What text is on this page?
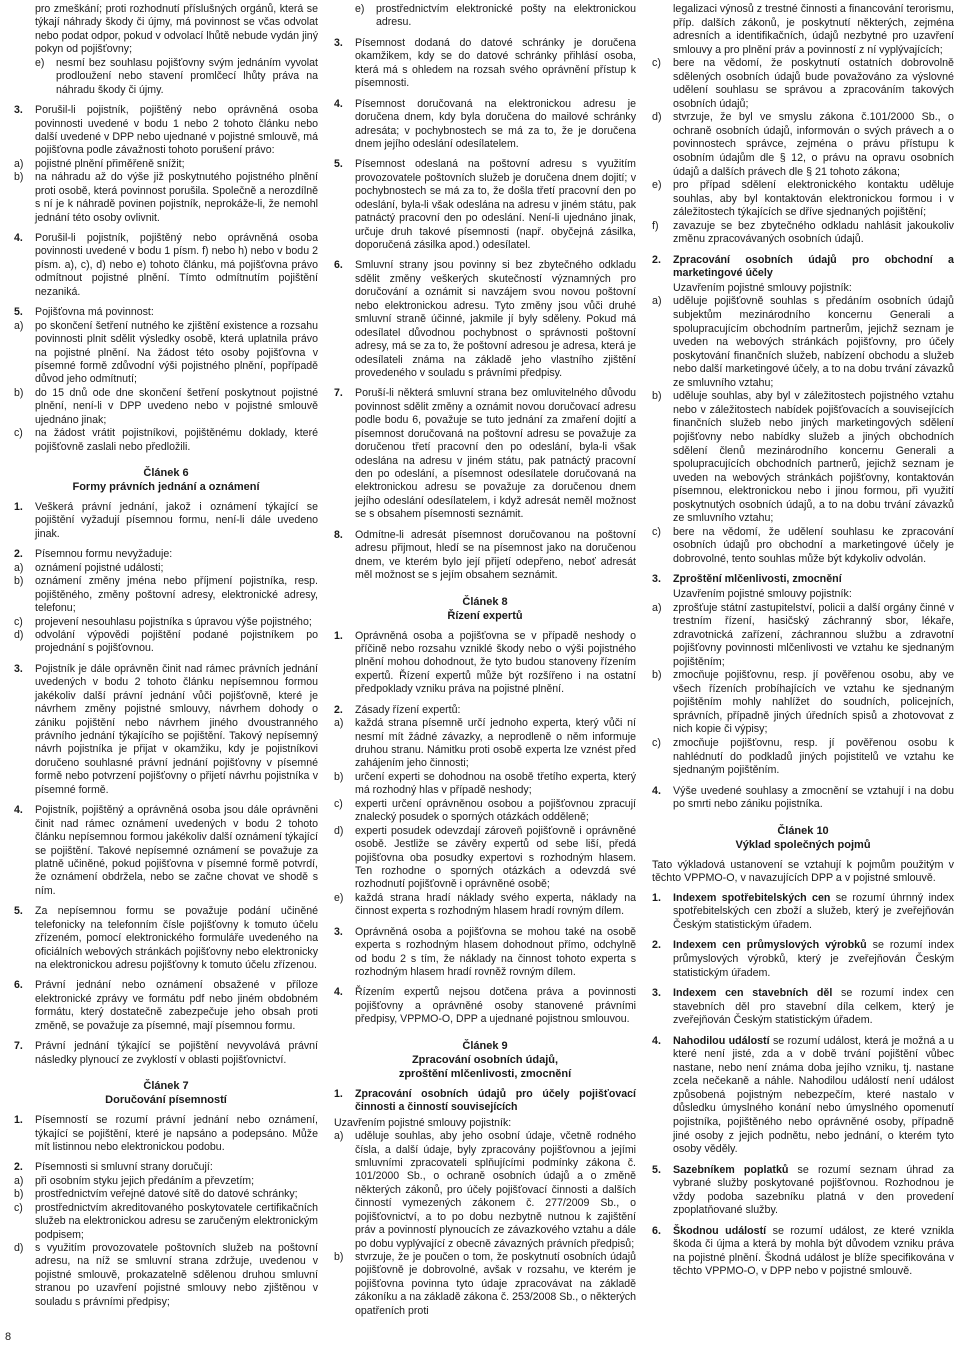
pro zmeškání; proti rozhodnutí příslušných orgánů, která se týkají náhrady škody či újmy, má povinnost se včas odvolat nebo podat odpor, pokud v odvolací lhůtě nebude vydán jiný pokyn od pojišťovny;
e) nesmí bez souhlasu pojišťovny svým jednáním vyvolat prodloužení nebo stavení promlčecí lhůty práva na náhradu škody či újmy.
3. Porušil-li pojistník, pojištěný nebo oprávněná osoba povinnosti uvedené v bodu 1 nebo 2 tohoto článku nebo další uvedené v DPP nebo ujednané v pojistné smlouvě, má pojišťovna podle závažnosti tohoto porušení právo:
a) pojistné plnění přiměřeně snížit;
b) na náhradu až do výše již poskytnutého pojistného plnění proti osobě, která povinnost porušila. Společně a nerozdílně s ní je k náhradě povinen pojistník, neprokáže-li, že nemohl jednání této osoby ovlivnit.
4. Porušil-li pojistník, pojištěný nebo oprávněná osoba povinnosti uvedené v bodu 1 písm. f) nebo h) nebo v bodu 2 písm. a), c), d) nebo e) tohoto článku, má pojišťovna právo odmítnout pojistné plnění. Tímto odmítnutím pojištění nezaniká.
5. Pojišťovna má povinnost:
a) po skončení šetření nutného ke zjištění existence a rozsahu povinnosti plnit sdělit výsledky osobě, která uplatnila právo na pojistné plnění. Na žádost této osoby pojišťovna v písemné formě zdůvodní výši pojistného plnění, popřípadě důvod jeho odmítnutí;
b) do 15 dnů ode dne skončení šetření poskytnout pojistné plnění, není-li v DPP uvedeno nebo v pojistné smlouvě ujednáno jinak;
c) na žádost vrátit pojistníkovi, pojištěnému doklady, které pojišťovně zaslali nebo předložili.
Článek 6
Formy právních jednání a oznámení
1. Veškerá právní jednání, jakož i oznámení týkající se pojištění vyžadují písemnou formu, není-li dále uvedeno jinak.
2. Písemnou formu nevyžaduje:
a) oznámení pojistné události;
b) oznámení změny jména nebo příjmení pojistníka, resp. pojištěného, změny poštovní adresy, elektronické adresy, telefonu;
c) projevení nesouhlasu pojistníka s úpravou výše pojistného;
d) odvolání výpovědi pojištění podané pojistníkem po projednání s pojišťovnou.
3. Pojistník je dále oprávněn činit nad rámec právních jednání uvedených v bodu 2 tohoto článku nepísemnou formou jakékoliv další právní jednání vůči pojišťovně, které je návrhem změny pojistné smlouvy, návrhem dohody o zániku pojištění nebo návrhem jiného dvoustranného právního jednání týkajícího se pojištění. Takový nepísemný návrh pojistníka je přijat v okamžiku, kdy je pojistníkovi doručeno souhlasné právní jednání pojišťovny v písemné formě nebo potvrzení pojišťovny o přijetí návrhu pojistníka v písemné formě.
4. Pojistník, pojištěný a oprávněná osoba jsou dále oprávněni činit nad rámec oznámení uvedených v bodu 2 tohoto článku nepísemnou formou jakékoliv další oznámení týkající se pojištění. Takové nepísemné oznámení se považuje za platně učiněné, pokud pojišťovna v písemné formě potvrdí, že oznámení obdržela, nebo se začne chovat ve shodě s ním.
5. Za nepísemnou formu se považuje podání učiněné telefonicky na telefonním čísle pojišťovny k tomuto účelu zřízeném, pomocí elektronického formuláře uvedeného na oficiálních webových stránkách pojišťovny nebo elektronicky na elektronickou adresu pojišťovny k tomuto účelu zřízenou.
6. Právní jednání nebo oznámení obsažené v příloze elektronické zprávy ve formátu pdf nebo jiném obdobném formátu, který dostatečně zabezpečuje jeho obsah proti změně, se považuje za písemné, mají písemnou formu.
7. Právní jednání týkající se pojištění nevyvolává právní následky plynoucí ze zvyklostí v oblasti pojišťovnictví.
Článek 7
Doručování písemností
1. Písemností se rozumí právní jednání nebo oznámení, týkající se pojištění, které je napsáno a podepsáno. Může mít listinnou nebo elektronickou podobu.
2. Písemnosti si smluvní strany doručují:
a) při osobním styku jejich předáním a převzetím;
b) prostřednictvím veřejné datové sítě do datové schránky;
c) prostřednictvím akreditovaného poskytovatele certifikačních služeb na elektronickou adresu se zaručeným elektronickým podpisem;
d) s využitím provozovatele poštovních služeb na poštovní adresu, na níž se smluvní strana zdržuje, uvedenou v pojistné smlouvě, prokazatelně sdělenou druhou smluvní stranou po uzavření pojistné smlouvy nebo zjištěnou v souladu s právními předpisy;
e) prostřednictvím elektronické pošty na elektronickou adresu.
3. Písemnost dodaná do datové schránky je doručena okamžikem, kdy se do datové schránky přihlásí osoba, která má s ohledem na rozsah svého oprávnění přístup k písemnosti.
4. Písemnost doručovaná na elektronickou adresu je doručena dnem, kdy byla doručena do mailové schránky adresáta; v pochybnostech se má za to, že je doručena dnem jejího odeslání odesílatelem.
5. Písemnost odeslaná na poštovní adresu s využitím provozovatele poštovních služeb je doručena dnem dojití; v pochybnostech se má za to, že došla třetí pracovní den po odeslání, byla-li však odeslána na adresu v jiném státu, pak patnáctý pracovní den po odeslání. Není-li ujednáno jinak, určuje druh takové písemnosti (např. obyčejná zásilka, doporučená zásilka apod.) odesílatel.
6. Smluvní strany jsou povinny si bez zbytečného odkladu sdělit změny veškerých skutečností významných pro doručování a oznámit si navzájem svou novou poštovní nebo elektronickou adresu. Tyto změny jsou vůči druhé smluvní straně účinné, jakmile jí byly sděleny. Pokud má odesílatel důvodnou pochybnost o správnosti poštovní adresy, má se za to, že poštovní adresou je adresa, která je odesílateli známa na základě jeho vlastního zjištění provedeného v souladu s právními předpisy.
7. Poruší-li některá smluvní strana bez omluvitelného důvodu povinnost sdělit změny a oznámit novou doručovací adresu podle bodu 6, považuje se tuto jednání za zmaření dojití a písemnost doručovaná na poštovní adresu se považuje za doručenou třetí pracovní den po odeslání, byla-li však odeslána na adresu v jiném státu, pak patnáctý pracovní den po odeslání, a písemnost odesílatele doručovaná na elektronickou adresu se považuje za doručenou dnem jejího odeslání odesílatelem, i když adresát neměl možnost se s obsahem písemnosti seznámit.
8. Odmítne-li adresát písemnost doručovanou na poštovní adresu přijmout, hledí se na písemnost jako na doručenou dnem, ve kterém bylo její přijetí odepřeno, neboť adresát měl možnost se s jejím obsahem seznámit.
Článek 8
Řízení expertů
1. Oprávněná osoba a pojišťovna se v případě neshody o příčině nebo rozsahu vzniklé škody nebo o výši pojistného plnění mohou dohodnout, že tyto budou stanoveny řízením expertů. Řízení expertů může být rozšířeno i na ostatní předpoklady vzniku práva na pojistné plnění.
2. Zásady řízení expertů:
a) každá strana písemně určí jednoho experta, který vůči ní nesmí mít žádné závazky, a neprodleně o něm informuje druhou stranu. Námitku proti osobě experta lze vznést před zahájením jeho činnosti;
b) určení experti se dohodnou na osobě třetího experta, který má rozhodný hlas v případě neshody;
c) experti určení oprávněnou osobou a pojišťovnou zpracují znalecký posudek o sporných otázkách odděleně;
d) experti posudek odevzdají zároveň pojišťovně i oprávněné osobě. Jestliže se závěry expertů od sebe liší, předá pojišťovna oba posudky expertovi s rozhodným hlasem. Ten rozhodne o sporných otázkách a odevzdá své rozhodnutí pojišťovně i oprávněné osobě;
e) každá strana hradí náklady svého experta, náklady na činnost experta s rozhodným hlasem hradí rovným dílem.
3. Oprávněná osoba a pojišťovna se mohou také na osobě experta s rozhodným hlasem dohodnout přímo, odchylně od bodu 2 s tím, že náklady na činnost tohoto experta s rozhodným hlasem hradí rovněž rovným dílem.
4. Řízením expertů nejsou dotčena práva a povinnosti pojišťovny a oprávněné osoby stanovené právními předpisy, VPPMO-O, DPP a ujednané pojistnou smlouvou.
Článek 9
Zpracování osobních údajů,
zproštění mlčenlivosti, zmocnění
1. Zpracování osobních údajů pro účely pojišťovací činnosti a činností souvisejících

Uzavřením pojistné smlouvy pojistník:

a) uděluje souhlas, aby jeho osobní údaje, včetně rodného čísla, a další údaje, byly zpracovány pojišťovnou a jejími smluvními zpracovateli splňujícími podmínky zákona č. 101/2000 Sb., o ochraně osobních údajů a o změně některých zákonů, pro účely pojišťovací činnosti a dalších činností vymezených zákonem č. 277/2009 Sb., o pojišťovnictví, a to po dobu nezbytně nutnou k zajištění práv a povinností plynoucích ze závazkového vztahu a dále po dobu vyplývající z obecně závazných právních předpisů;
b) stvrzuje, že je poučen o tom, že poskytnutí osobních údajů pojišťovně je dobrovolné, avšak v rozsahu, ve kterém je pojišťovna povinna tyto údaje zpracovávat na základě zákoníku a na základě zákona č. 253/2008 Sb., o některých opatřeních proti
legalizaci výnosů z trestné činnosti a financování terorismu, příp. dalších zákonů, je poskytnutí některých, zejména adresních a identifikačních, údajů nezbytné pro uzavření smlouvy a pro plnění práv a povinností z ní vyplývajících;
c) bere na vědomí, že poskytnutí ostatních dobrovolně sdělených osobních údajů bude považováno za výslovné udělení souhlasu se správou a zpracováním takových osobních údajů;
d) stvrzuje, že byl ve smyslu zákona č.101/2000 Sb., o ochraně osobních údajů, informován o svých právech a o povinnostech správce, zejména o právu přístupu k osobním údajům dle § 12, o právu na opravu osobních údajů a dalších právech dle § 21 tohoto zákona;
e) pro případ sdělení elektronického kontaktu uděluje souhlas, aby byl kontaktován elektronickou formou i v záležitostech týkajících se dříve sjednaných pojištění;
f) zavazuje se bez zbytečného odkladu nahlásit jakoukoliv změnu zpracovávaných osobních údajů.
2. Zpracování osobních údajů pro obchodní a marketingové účely

Uzavřením pojistné smlouvy pojistník:

a) uděluje pojišťovně souhlas s předáním osobních údajů subjektům mezinárodního koncernu Generali a spolupracujícím obchodním partnerům, jejichž seznam je uveden na webových stránkách pojišťovny, pro účely poskytování finančních služeb, nabízení obchodu a služeb nebo další marketingové účely, a to na dobu trvání závazků ze smluvního vztahu;
b) uděluje souhlas, aby byl v záležitostech pojistného vztahu nebo v záležitostech nabídek pojišťovacích a souvisejících finančních služeb nebo jiných marketingových sdělení pojišťovny nebo nabídky služeb a jiných obchodních sdělení členů mezinárodního koncernu Generali a spolupracujících obchodních partnerů, jejichž seznam je uveden na webových stránkách pojišťovny, kontaktován písemnou, elektronickou nebo i jinou formou, při využití poskytnutých osobních údajů, a to na dobu trvání závazků ze smluvního vztahu;
c) bere na vědomí, že udělení souhlasu ke zpracování osobních údajů pro obchodní a marketingové účely je dobrovolné, tento souhlas může být kdykoliv odvolán.
3. Zproštění mlčenlivosti, zmocnění

Uzavřením pojistné smlouvy pojistník:

a) zprošťuje státní zastupitelství, policii a další orgány činné v trestním řízení, hasičský záchranný sbor, lékaře, zdravotnická zařízení, záchrannou službu a zdravotní pojišťovny povinnosti mlčenlivosti ve vztahu ke sjednaným pojištěním;
b) zmocňuje pojišťovnu, resp. jí pověřenou osobu, aby ve všech řízeních probíhajících ve vztahu ke sjednaným pojištěním mohly nahlížet do soudních, policejních, správních, případně jiných úředních spisů a zhotovovat z nich kopie či výpisy;
c) zmocňuje pojišťovnu, resp. jí pověřenou osobu k nahlédnutí do podkladů jiných pojistitelů ve vztahu ke sjednaným pojištěním.
4. Výše uvedené souhlasy a zmocnění se vztahují i na dobu po smrti nebo zániku pojistníka.
Článek 10
Výklad společných pojmů

Tato výkladová ustanovení se vztahují k pojmům použitým v těchto VPPMO-O, v navazujících DPP a v pojistné smlouvě.

1. Indexem spotřebitelských cen se rozumí úhrnný index spotřebitelských cen zboží a služeb, který je zveřejňován Českým statistickým úřadem.
2. Indexem cen průmyslových výrobků se rozumí index průmyslových výrobků, který je zveřejňován Českým statistickým úřadem.
3. Indexem cen stavebních děl se rozumí index cen stavebních děl pro stavební díla celkem, který je zveřejňován Českým statistickým úřadem.
4. Nahodilou událostí se rozumí událost, která je možná a u které není jisté, zda a v době trvání pojištění vůbec nastane, nebo není známa doba jejího vzniku, tj. nastane zcela nečekaně a náhle. Nahodilou událostí není událost způsobená pojistným nebezpečím, které nastalo v důsledku úmyslného konání nebo úmyslného opomenutí pojistníka, pojištěného nebo oprávněné osoby, případně jiné osoby z jejich podnětu, nebo jednání, o kterém tyto osoby věděly.
5. Sazebníkem poplatků se rozumí seznam úhrad za vybrané služby poskytované pojišťovnou. Rozhodnou je vždy podoba sazebníku platná v den provedení zpoplatňované služby.
6. Škodnou událostí se rozumí událost, ze které vznikla škoda či újma a která by mohla být důvodem vzniku práva na pojistné plnění. Škodná událost je blíže specifikována v těchto VPPMO-O, v DPP nebo v pojistné smlouvě.
8
